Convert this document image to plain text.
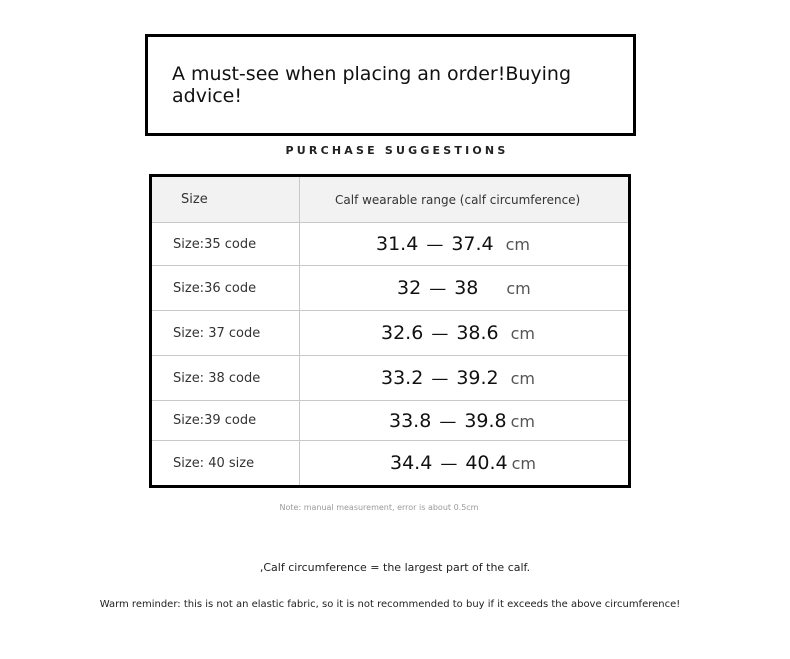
A must-see when placing an order!Buying advice!
PURCHASE SUGGESTIONS
Size	Calf wearable range (calf circumference)
Size:35 code	31.4 — 37.4 cm
Size:36 code	32 — 38 cm
Size: 37 code	32.6 — 38.6 cm
Size: 38 code	33.2 — 39.2 cm
Size:39 code	33.8 — 39.8 cm
Size: 40 size	34.4 — 40.4 cm
Note: manual measurement, error is about 0.5cm
,Calf circumference = the largest part of the calf.
Warm reminder: this is not an elastic fabric, so it is not recommended to buy if it exceeds the above circumference!
